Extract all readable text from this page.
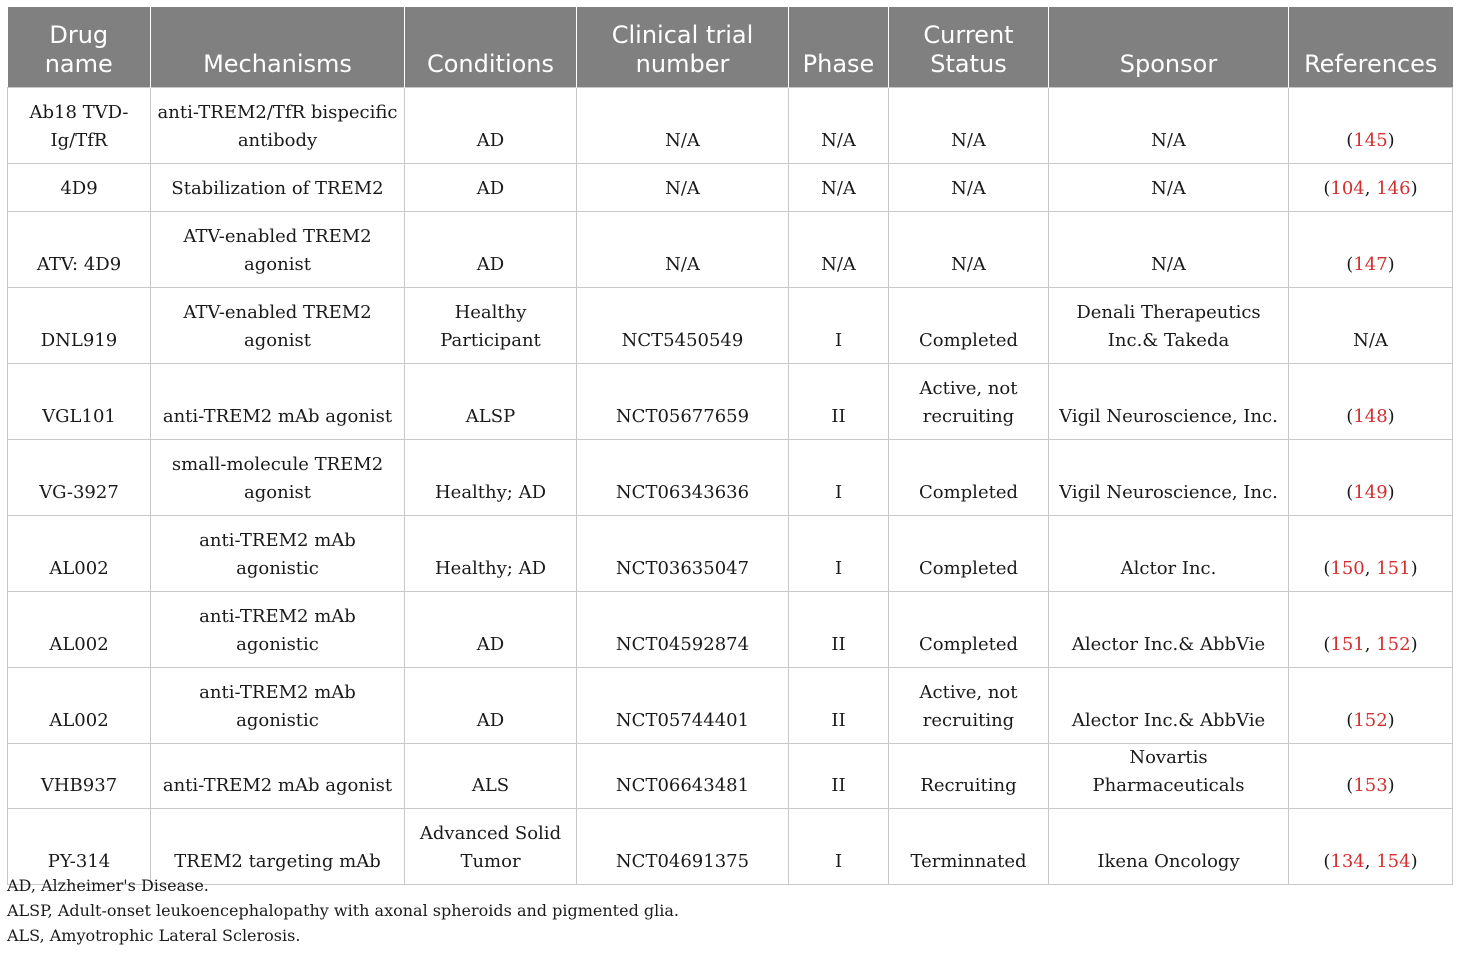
Drug name	Mechanisms	Conditions	Clinical trial number	Phase	Current Status	Sponsor	References
Ab18 TVD-Ig/TfR	anti-TREM2/TfR bispecific antibody	AD	N/A	N/A	N/A	N/A	(145)
4D9	Stabilization of TREM2	AD	N/A	N/A	N/A	N/A	(104, 146)
ATV: 4D9	ATV-enabled TREM2 agonist	AD	N/A	N/A	N/A	N/A	(147)
DNL919	ATV-enabled TREM2 agonist	Healthy Participant	NCT5450549	I	Completed	Denali Therapeutics Inc.& Takeda	N/A
VGL101	anti-TREM2 mAb agonist	ALSP	NCT05677659	II	Active, not recruiting	Vigil Neuroscience, Inc.	(148)
VG-3927	small-molecule TREM2 agonist	Healthy; AD	NCT06343636	I	Completed	Vigil Neuroscience, Inc.	(149)
AL002	anti-TREM2 mAb agonistic	Healthy; AD	NCT03635047	I	Completed	Alctor Inc.	(150, 151)
AL002	anti-TREM2 mAb agonistic	AD	NCT04592874	II	Completed	Alector Inc.& AbbVie	(151, 152)
AL002	anti-TREM2 mAb agonistic	AD	NCT05744401	II	Active, not recruiting	Alector Inc.& AbbVie	(152)
VHB937	anti-TREM2 mAb agonist	ALS	NCT06643481	II	Recruiting	Novartis Pharmaceuticals	(153)
PY-314	TREM2 targeting mAb	Advanced Solid Tumor	NCT04691375	I	Terminnated	Ikena Oncology	(134, 154)
AD, Alzheimer's Disease.
ALSP, Adult-onset leukoencephalopathy with axonal spheroids and pigmented glia.
ALS, Amyotrophic Lateral Sclerosis.
